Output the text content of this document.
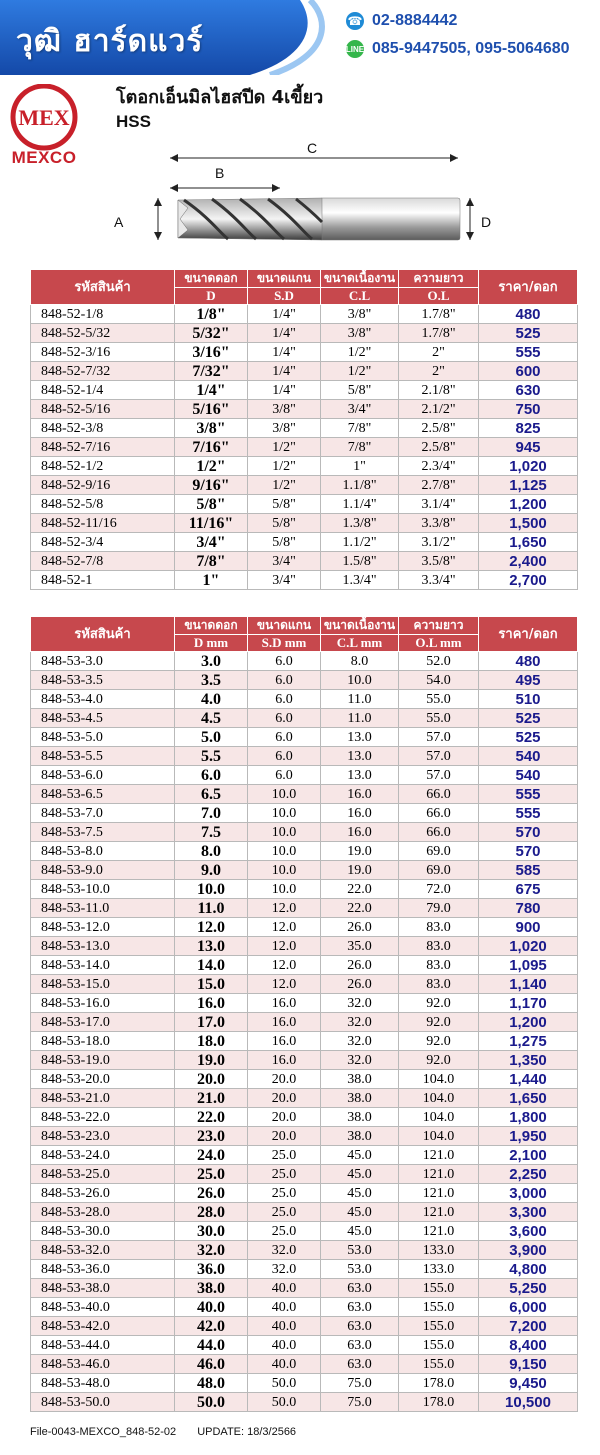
วุฒิ ฮาร์ดแวร์
☎ 02-8884442
LINE 085-9447505, 095-5064680
MEX
MEXCO
โตอกเอ็นมิลไฮสปีด 4เขี้ยว
HSS
C
B
A	D
รหัสสินค้า	ขนาดดอก	ขนาดแกน	ขนาดเนื้องาน	ความยาว	ราคา/ดอก
	D	S.D	C.L	O.L	
848-52-1/8	1/8"	1/4"	3/8"	1.7/8"	480
848-52-5/32	5/32"	1/4"	3/8"	1.7/8"	525
848-52-3/16	3/16"	1/4"	1/2"	2"	555
848-52-7/32	7/32"	1/4"	1/2"	2"	600
848-52-1/4	1/4"	1/4"	5/8"	2.1/8"	630
848-52-5/16	5/16"	3/8"	3/4"	2.1/2"	750
848-52-3/8	3/8"	3/8"	7/8"	2.5/8"	825
848-52-7/16	7/16"	1/2"	7/8"	2.5/8"	945
848-52-1/2	1/2"	1/2"	1"	2.3/4"	1,020
848-52-9/16	9/16"	1/2"	1.1/8"	2.7/8"	1,125
848-52-5/8	5/8"	5/8"	1.1/4"	3.1/4"	1,200
848-52-11/16	11/16"	5/8"	1.3/8"	3.3/8"	1,500
848-52-3/4	3/4"	5/8"	1.1/2"	3.1/2"	1,650
848-52-7/8	7/8"	3/4"	1.5/8"	3.5/8"	2,400
848-52-1	1"	3/4"	1.3/4"	3.3/4"	2,700
รหัสสินค้า	ขนาดดอก	ขนาดแกน	ขนาดเนื้องาน	ความยาว	ราคา/ดอก
	D mm	S.D mm	C.L mm	O.L mm	
848-53-3.0	3.0	6.0	8.0	52.0	480
848-53-3.5	3.5	6.0	10.0	54.0	495
848-53-4.0	4.0	6.0	11.0	55.0	510
848-53-4.5	4.5	6.0	11.0	55.0	525
848-53-5.0	5.0	6.0	13.0	57.0	525
848-53-5.5	5.5	6.0	13.0	57.0	540
848-53-6.0	6.0	6.0	13.0	57.0	540
848-53-6.5	6.5	10.0	16.0	66.0	555
848-53-7.0	7.0	10.0	16.0	66.0	555
848-53-7.5	7.5	10.0	16.0	66.0	570
848-53-8.0	8.0	10.0	19.0	69.0	570
848-53-9.0	9.0	10.0	19.0	69.0	585
848-53-10.0	10.0	10.0	22.0	72.0	675
848-53-11.0	11.0	12.0	22.0	79.0	780
848-53-12.0	12.0	12.0	26.0	83.0	900
848-53-13.0	13.0	12.0	35.0	83.0	1,020
848-53-14.0	14.0	12.0	26.0	83.0	1,095
848-53-15.0	15.0	12.0	26.0	83.0	1,140
848-53-16.0	16.0	16.0	32.0	92.0	1,170
848-53-17.0	17.0	16.0	32.0	92.0	1,200
848-53-18.0	18.0	16.0	32.0	92.0	1,275
848-53-19.0	19.0	16.0	32.0	92.0	1,350
848-53-20.0	20.0	20.0	38.0	104.0	1,440
848-53-21.0	21.0	20.0	38.0	104.0	1,650
848-53-22.0	22.0	20.0	38.0	104.0	1,800
848-53-23.0	23.0	20.0	38.0	104.0	1,950
848-53-24.0	24.0	25.0	45.0	121.0	2,100
848-53-25.0	25.0	25.0	45.0	121.0	2,250
848-53-26.0	26.0	25.0	45.0	121.0	3,000
848-53-28.0	28.0	25.0	45.0	121.0	3,300
848-53-30.0	30.0	25.0	45.0	121.0	3,600
848-53-32.0	32.0	32.0	53.0	133.0	3,900
848-53-36.0	36.0	32.0	53.0	133.0	4,800
848-53-38.0	38.0	40.0	63.0	155.0	5,250
848-53-40.0	40.0	40.0	63.0	155.0	6,000
848-53-42.0	42.0	40.0	63.0	155.0	7,200
848-53-44.0	44.0	40.0	63.0	155.0	8,400
848-53-46.0	46.0	40.0	63.0	155.0	9,150
848-53-48.0	48.0	50.0	75.0	178.0	9,450
848-53-50.0	50.0	50.0	75.0	178.0	10,500
File-0043-MEXCO_848-52-02 UPDATE: 18/3/2566
